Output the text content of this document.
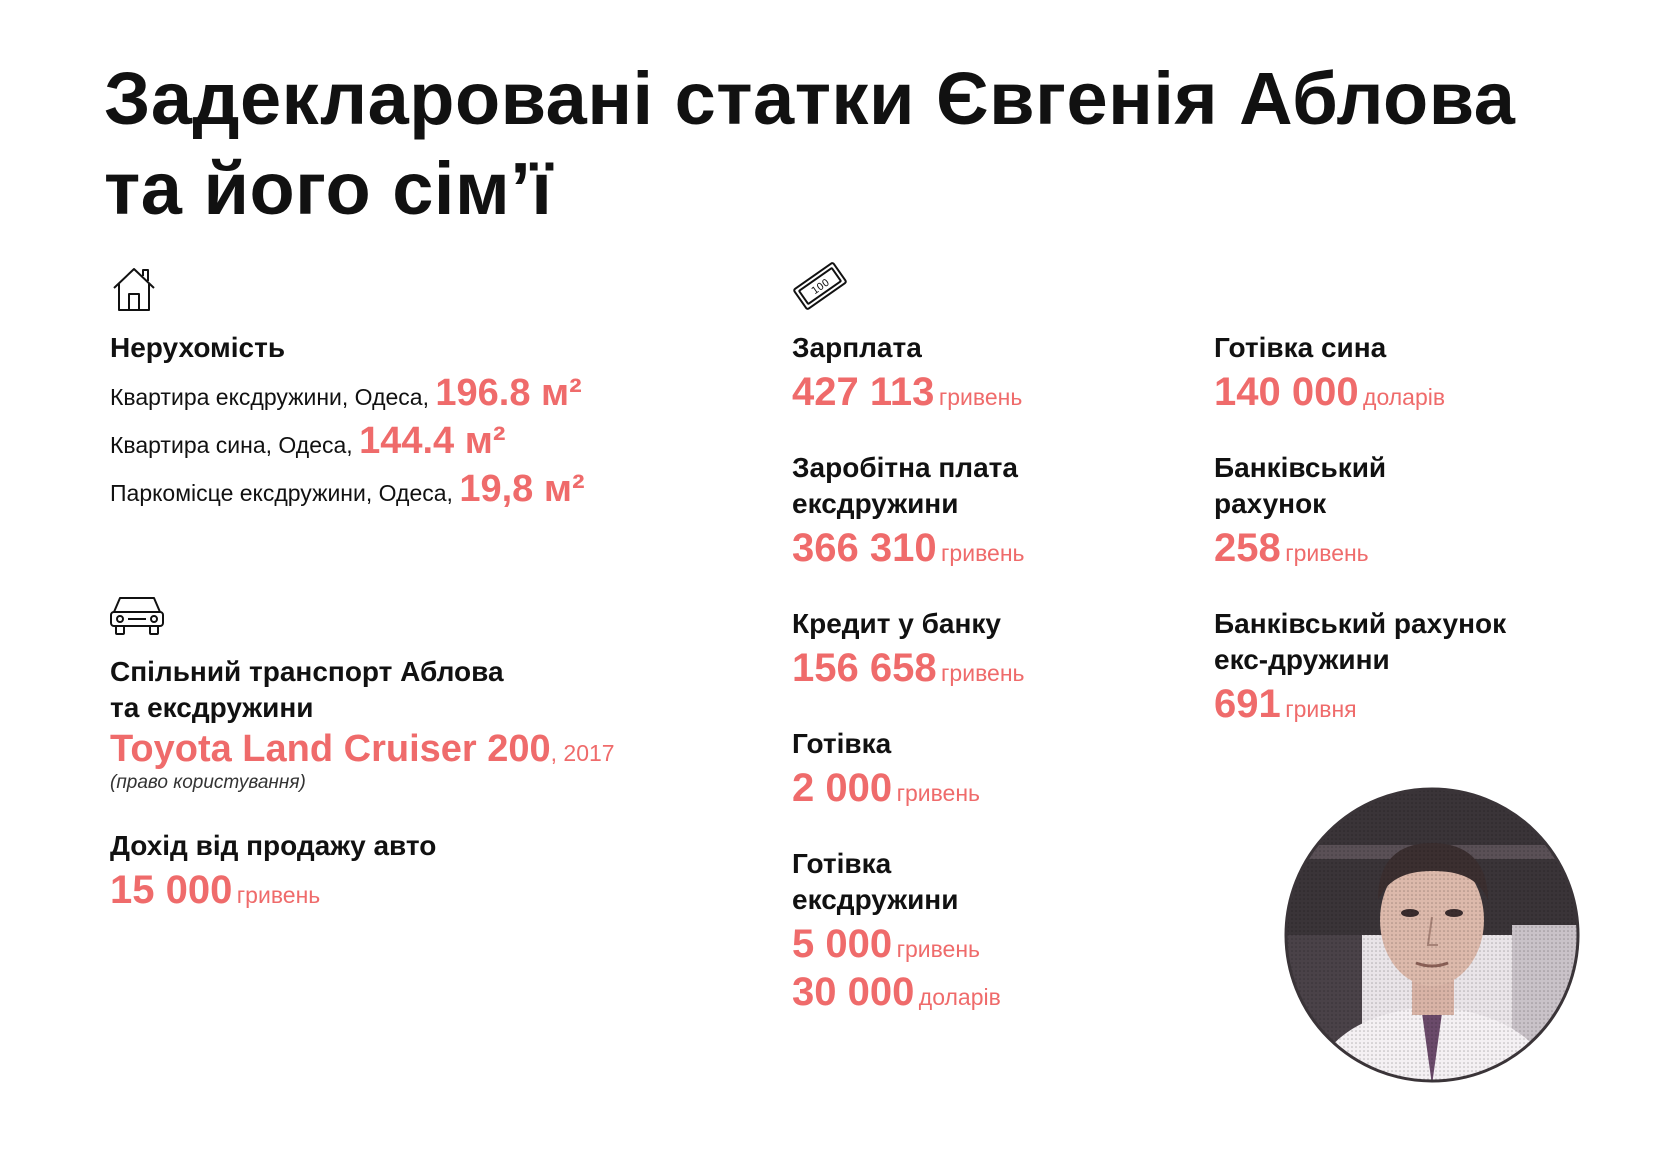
Задекларовані статки Євгенія Аблова
та його сім’ї
Нерухомість
Квартира ексдружини, Одеса, 196.8 м²
Квартира сина, Одеса, 144.4 м²
Паркомісце ексдружини, Одеса, 19,8 м²
Спільний транспорт Аблова
та ексдружини
Toyota Land Cruiser 200, 2017
(право користування)
Дохід від продажу авто
15 000 гривень
100
Зарплата
427 113 гривень
Заробітна плата
ексдружини
366 310 гривень
Кредит у банку
156 658 гривень
Готівка
2 000 гривень
Готівка
ексдружини
5 000 гривень
30 000 доларів
Готівка сина
140 000 доларів
Банківський
рахунок
258 гривень
Банківський рахунок
екс-дружини
691 гривня
